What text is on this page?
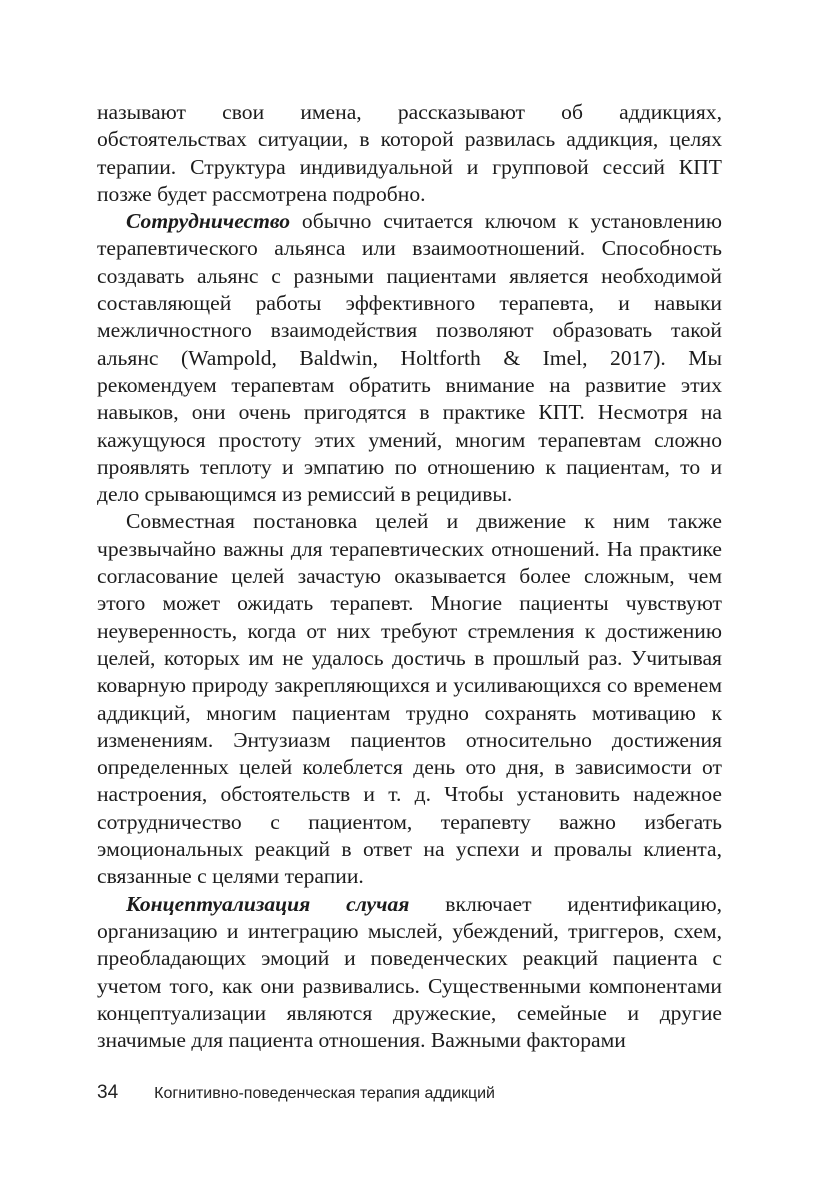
называют свои имена, рассказывают об аддикциях, обстоятельствах ситуации, в которой развилась аддикция, целях терапии. Структура индивидуальной и групповой сессий КПТ позже будет рассмотрена подробно.

Сотрудничество обычно считается ключом к установлению терапевтического альянса или взаимоотношений. Способность создавать альянс с разными пациентами является необходимой составляющей работы эффективного терапевта, и навыки межличностного взаимодействия позволяют образовать такой альянс (Wampold, Baldwin, Holtforth & Imel, 2017). Мы рекомендуем терапевтам обратить внимание на развитие этих навыков, они очень пригодятся в практике КПТ. Несмотря на кажущуюся простоту этих умений, многим терапевтам сложно проявлять теплоту и эмпатию по отношению к пациентам, то и дело срывающимся из ремиссий в рецидивы.

Совместная постановка целей и движение к ним также чрезвычайно важны для терапевтических отношений. На практике согласование целей зачастую оказывается более сложным, чем этого может ожидать терапевт. Многие пациенты чувствуют неуверенность, когда от них требуют стремления к достижению целей, которых им не удалось достичь в прошлый раз. Учитывая коварную природу закрепляющихся и усиливающихся со временем аддикций, многим пациентам трудно сохранять мотивацию к изменениям. Энтузиазм пациентов относительно достижения определенных целей колеблется день ото дня, в зависимости от настроения, обстоятельств и т. д. Чтобы установить надежное сотрудничество с пациентом, терапевту важно избегать эмоциональных реакций в ответ на успехи и провалы клиента, связанные с целями терапии.

Концептуализация случая включает идентификацию, организацию и интеграцию мыслей, убеждений, триггеров, схем, преобладающих эмоций и поведенческих реакций пациента с учетом того, как они развивались. Существенными компонентами концептуализации являются дружеские, семейные и другие значимые для пациента отношения. Важными факторами

34 Когнитивно-поведенческая терапия аддикций
